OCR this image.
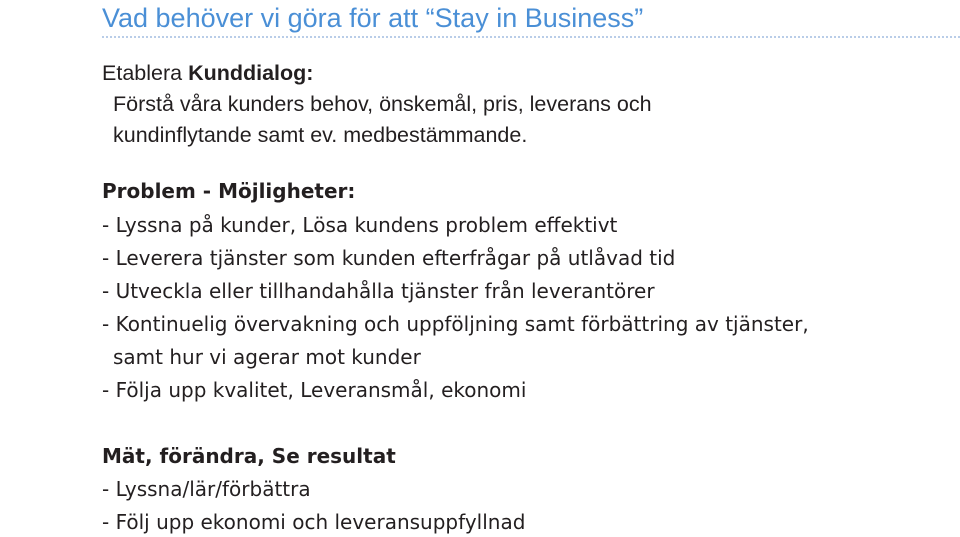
Vad behöver vi göra för att “Stay in Business”
Etablera Kunddialog:
Förstå våra kunders behov, önskemål, pris, leverans och
kundinflytande samt ev. medbestämmande.
Problem - Möjligheter:
- Lyssna på kunder, Lösa kundens problem effektivt
- Leverera tjänster som kunden efterfrågar på utlåvad tid
- Utveckla eller tillhandahålla tjänster från leverantörer
- Kontinuelig övervakning och uppföljning samt förbättring av tjänster,
samt hur vi agerar mot kunder
- Följa upp kvalitet, Leveransmål, ekonomi
Mät, förändra, Se resultat
- Lyssna/lär/förbättra
- Följ upp ekonomi och leveransuppfyllnad
